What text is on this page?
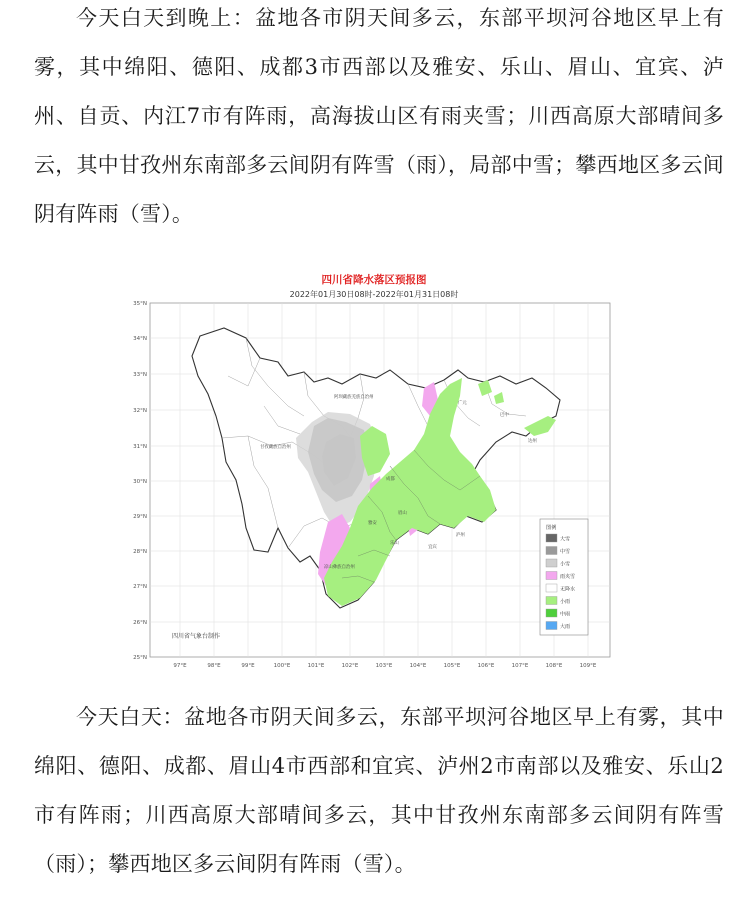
今天白天到晚上：盆地各市阴天间多云，东部平坝河谷地区早上有雾，其中绵阳、德阳、成都3市西部以及雅安、乐山、眉山、宜宾、泸州、自贡、内江7市有阵雨，高海拔山区有雨夹雪；川西高原大部晴间多云，其中甘孜州东南部多云间阴有阵雪（雨），局部中雪；攀西地区多云间阴有阵雨（雪）。

四川省降水落区预报图
2022年01月30日08时-2022年01月31日08时
35°N
34°N
33°N
32°N
31°N
30°N
29°N
28°N
27°N
26°N
25°N
97°E	98°E	99°E	100°E	101°E	102°E	103°E	104°E	105°E	106°E	107°E	108°E	109°E
阿坝藏族羌族自治州
甘孜藏族自治州
凉山彝族自治州
成都
雅安
乐山
眉山
宜宾
泸州
广元
巴中
达州
四川省气象台制作
图例
大雪
中雪
小雪
雨夹雪
无降水
小雨
中雨
大雨

今天白天：盆地各市阴天间多云，东部平坝河谷地区早上有雾，其中绵阳、德阳、成都、眉山4市西部和宜宾、泸州2市南部以及雅安、乐山2市有阵雨；川西高原大部晴间多云，其中甘孜州东南部多云间阴有阵雪（雨）；攀西地区多云间阴有阵雨（雪）。
